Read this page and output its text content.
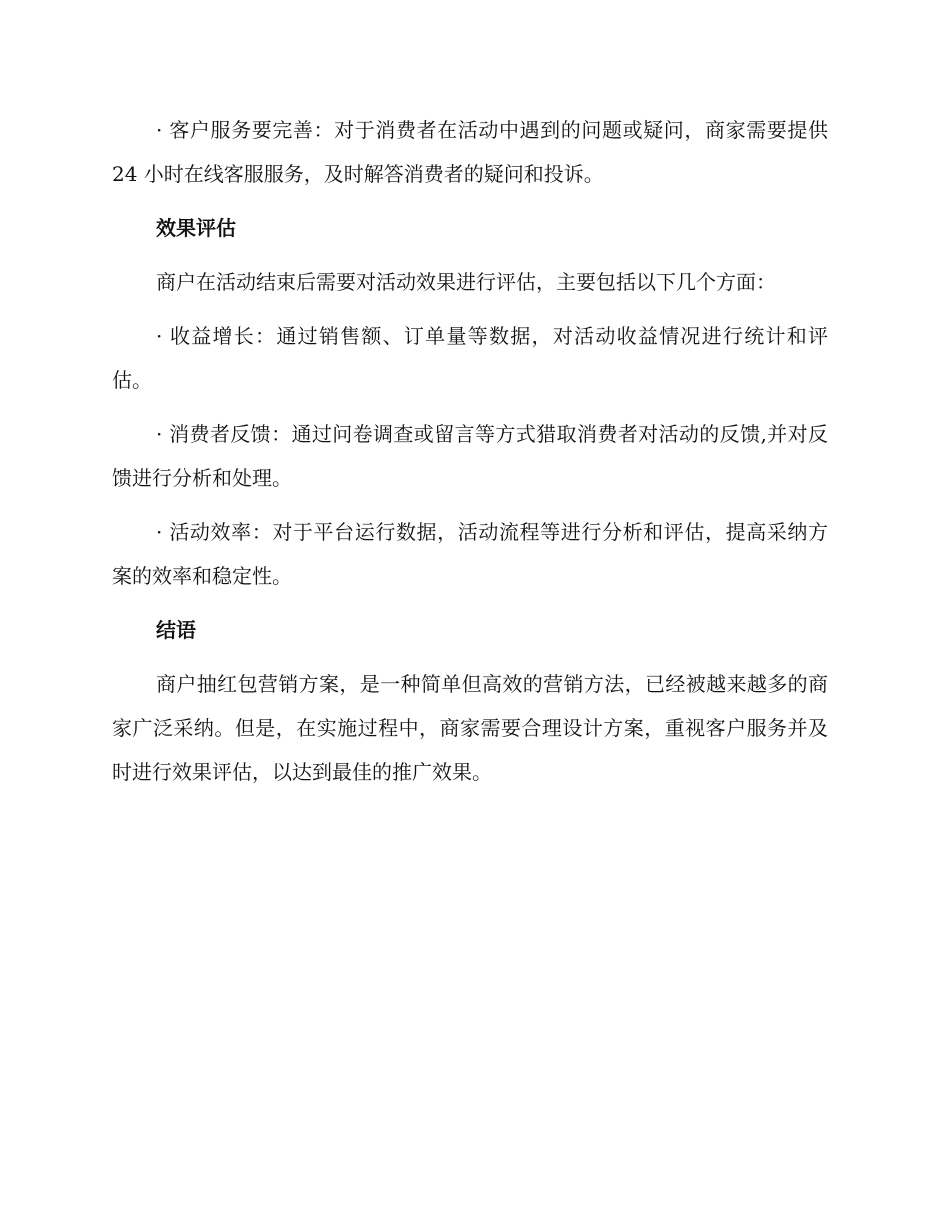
· 客户服务要完善：对于消费者在活动中遇到的问题或疑问，商家需要提供 24 小时在线客服服务，及时解答消费者的疑问和投诉。

效果评估

商户在活动结束后需要对活动效果进行评估，主要包括以下几个方面：

· 收益增长：通过销售额、订单量等数据，对活动收益情况进行统计和评估。

· 消费者反馈：通过问卷调查或留言等方式猎取消费者对活动的反馈,并对反馈进行分析和处理。

· 活动效率：对于平台运行数据，活动流程等进行分析和评估，提高采纳方案的效率和稳定性。

结语

商户抽红包营销方案，是一种简单但高效的营销方法，已经被越来越多的商家广泛采纳。但是，在实施过程中，商家需要合理设计方案，重视客户服务并及时进行效果评估，以达到最佳的推广效果。
